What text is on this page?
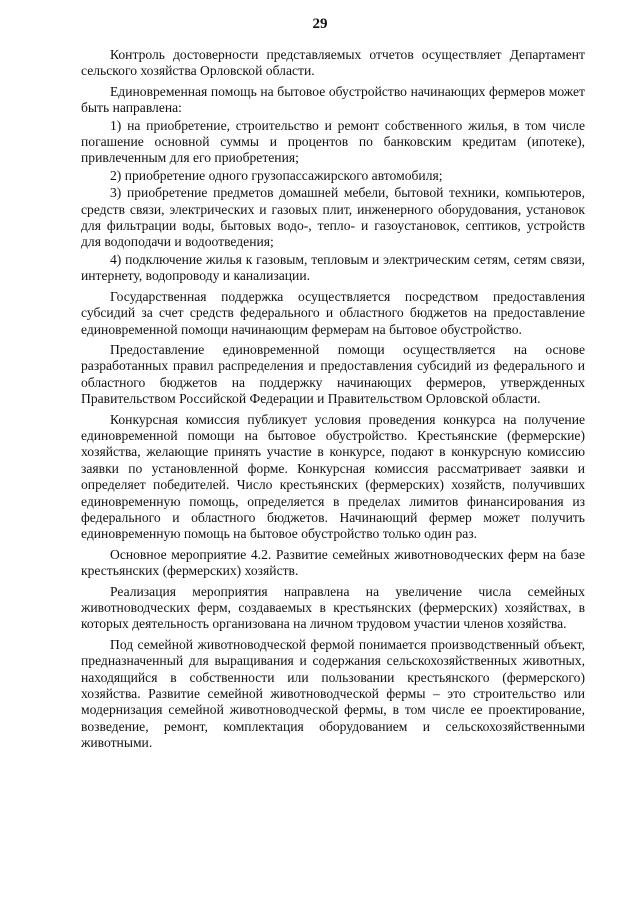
29

Контроль достоверности представляемых отчетов осуществляет Департамент сельского хозяйства Орловской области.

Единовременная помощь на бытовое обустройство начинающих фермеров может быть направлена:

1) на приобретение, строительство и ремонт собственного жилья, в том числе погашение основной суммы и процентов по банковским кредитам (ипотеке), привлеченным для его приобретения;

2) приобретение одного грузопассажирского автомобиля;

3) приобретение предметов домашней мебели, бытовой техники, компьютеров, средств связи, электрических и газовых плит, инженерного оборудования, установок для фильтрации воды, бытовых водо-, тепло- и газоустановок, септиков, устройств для водоподачи и водоотведения;

4) подключение жилья к газовым, тепловым и электрическим сетям, сетям связи, интернету, водопроводу и канализации.

Государственная поддержка осуществляется посредством предоставления субсидий за счет средств федерального и областного бюджетов на предоставление единовременной помощи начинающим фермерам на бытовое обустройство.

Предоставление единовременной помощи осуществляется на основе разработанных правил распределения и предоставления субсидий из федерального и областного бюджетов на поддержку начинающих фермеров, утвержденных Правительством Российской Федерации и Правительством Орловской области.

Конкурсная комиссия публикует условия проведения конкурса на получение единовременной помощи на бытовое обустройство. Крестьянские (фермерские) хозяйства, желающие принять участие в конкурсе, подают в конкурсную комиссию заявки по установленной форме. Конкурсная комиссия рассматривает заявки и определяет победителей. Число крестьянских (фермерских) хозяйств, получивших единовременную помощь, определяется в пределах лимитов финансирования из федерального и областного бюджетов. Начинающий фермер может получить единовременную помощь на бытовое обустройство только один раз.

Основное мероприятие 4.2. Развитие семейных животноводческих ферм на базе крестьянских (фермерских) хозяйств.

Реализация мероприятия направлена на увеличение числа семейных животноводческих ферм, создаваемых в крестьянских (фермерских) хозяйствах, в которых деятельность организована на личном трудовом участии членов хозяйства.

Под семейной животноводческой фермой понимается производственный объект, предназначенный для выращивания и содержания сельскохозяйственных животных, находящийся в собственности или пользовании крестьянского (фермерского) хозяйства. Развитие семейной животноводческой фермы – это строительство или модернизация семейной животноводческой фермы, в том числе ее проектирование, возведение, ремонт, комплектация оборудованием и сельскохозяйственными животными.
